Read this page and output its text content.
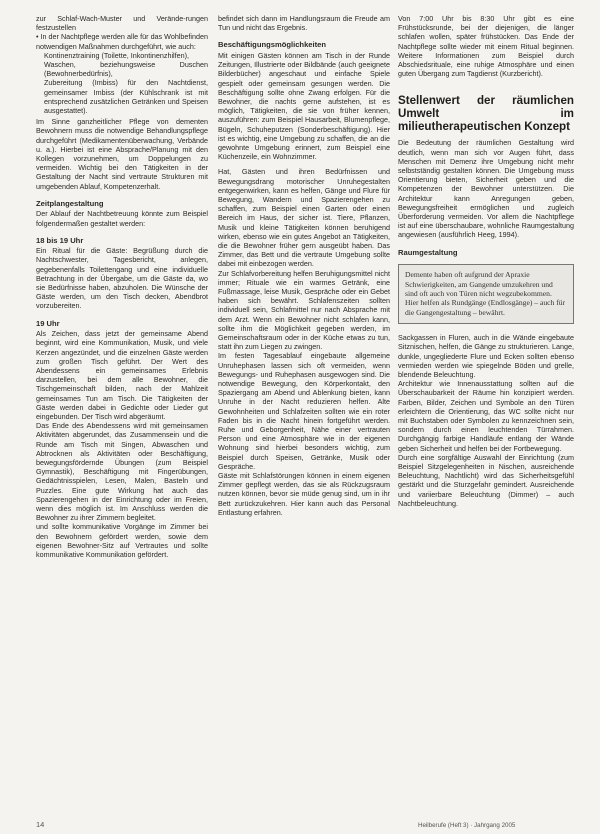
zur Schlaf-Wach-Muster und Verände-rungen festzustellen

• In der Nachtpflege werden alle für das Wohlbefinden notwendigen Maßnahmen durchgeführt, wie auch:

• Kontinenztraining (Toilette, Inkontinenzhilfen),
• Waschen, beziehungsweise Duschen (Bewohnerbedürfnis),
• Zubereitung (Imbiss) für den Nachtdienst, gemeinsamer Imbiss (der Kühlschrank ist mit entsprechend zusätzlichen Getränken und Speisen ausgestattet).

Im Sinne ganzheitlicher Pflege von dementen Bewohnern muss die notwendige Behandlungspflege durchgeführt (Medikamentenüberwachung, Verbände u. a.). Hierbei ist eine Absprache/Planung mit den Kollegen vorzunehmen, um Doppelungen zu vermeiden. Wichtig bei den Tätigkeiten in der Gestaltung der Nacht sind vertraute Strukturen mit umgebenden Ablauf, Kompetenzerhalt.

Zeitplangestaltung

Der Ablauf der Nachtbetreuung könnte zum Beispiel folgendermaßen gestaltet werden:

18 bis 19 Uhr

Ein Ritual für die Gäste: Begrüßung durch die Nachtschwester, Tagesbericht, anlegen, gegebenenfalls Toilettengang und eine individuelle Betrachtung in der Übergabe, um die Gäste da, wo sie Bedürfnisse haben, abzuholen. Die Wünsche der Gäste werden, um den Tisch decken, Abendbrot vorzubereiten.

19 Uhr

Als Zeichen, dass jetzt der gemeinsame Abend beginnt, wird eine Kommunikation, Musik, und viele Kerzen angezündet, und die einzelnen Gäste werden zum großen Tisch geführt. Der Wert des Abendessens ein gemeinsames Erlebnis darzustellen, bei dem alle Bewohner, die Tischgemeinschaft bilden, nach der Mahlzeit gemeinsames Tun am Tisch. Die Tätigkeiten der Gäste werden dabei in Gedichte oder Lieder gut eingebunden. Der Tisch wird abgeräumt.

Das Ende des Abendessens wird mit gemeinsamen Aktivitäten abgerundet, das Zusammensein und die Runde am Tisch mit Singen, Abwaschen und Abtrocknen als Aktivitäten oder Beschäftigung, bewegungsfördernde Übungen (zum Beispiel Gymnastik), Beschäftigung mit Fingerübungen, Gedächtnisspielen, Lesen, Malen, Basteln und Puzzles. Eine gute Wirkung hat auch das Spazierengehen in der Einrichtung oder im Freien, wenn dies möglich ist. Im Anschluss werden die Bewohner zu ihrer Zimmern begleitet.

und sollte kommunikative Vorgänge im Zimmer bei den Bewohnern gefördert werden, sowie dem eigenen Bewohner-Sitz auf Vertrautes und sollte kommunikative Kommunikation gefördert.

befindet sich dann im Handlungsraum die Freude am Tun und nicht das Ergebnis.

Beschäftigungsmöglichkeiten

Mit einigen Gästen können am Tisch in der Runde Zeitungen, Illustrierte oder Bildbände (auch geeignete Bilderbücher) angeschaut und einfache Spiele gespielt oder gemeinsam gesungen werden. Die Beschäftigung sollte ohne Zwang erfolgen. Für die Bewohner, die nachts gerne aufstehen, ist es möglich, Tätigkeiten, die sie von früher kennen, auszuführen: zum Beispiel Hausarbeit, Blumenpflege, Bügeln, Schuheputzen (Sonderbeschäftigung). Hier ist es wichtig, eine Umgebung zu schaffen, die an die gewohnte Umgebung erinnert, zum Beispiel eine Küchenzeile, ein Wohnzimmer.

Hat, Gästen und ihren Bedürfnissen und Bewegungsdrang motorischer Unruhegestalten entgegenwirken, kann es helfen, Gänge und Flure für Bewegung, Wandern und Spazierengehen zu schaffen, zum Beispiel einen Garten oder einen Bereich im Haus, der sicher ist. Tiere, Pflanzen, Musik und kleine Tätigkeiten können beruhigend wirken, ebenso wie ein gutes Angebot an Tätigkeiten, die die Bewohner früher gern ausgeübt haben. Das Zimmer, das Bett und die vertraute Umgebung sollte dabei mit einbezogen werden.

Zur Schlafvorbereitung helfen Beruhigungsmittel nicht immer; Rituale wie ein warmes Getränk, eine Fußmassage, leise Musik, Gespräche oder ein Gebet haben sich bewährt. Schlafenszeiten sollten individuell sein, Schlafmittel nur nach Absprache mit dem Arzt. Wenn ein Bewohner nicht schlafen kann, sollte ihm die Möglichkeit gegeben werden, im Gemeinschaftsraum oder in der Küche etwas zu tun, statt ihn zum Liegen zu zwingen.

Im festen Tagesablauf eingebaute allgemeine Unruhephasen lassen sich oft vermeiden, wenn Bewegungs- und Ruhephasen ausgewogen sind. Die notwendige Bewegung, den Körperkontakt, den Spaziergang am Abend und Ablenkung bieten, kann Unruhe in der Nacht reduzieren helfen. Alte Gewohnheiten und Schlafzeiten sollten wie ein roter Faden bis in die Nacht hinein fortgeführt werden. Ruhe und Geborgenheit, Nähe einer vertrauten Person und eine Atmosphäre wie in der eigenen Wohnung sind hierbei besonders wichtig, zum Beispiel durch Speisen, Getränke, Musik oder Gespräche.

Gäste mit Schlafstörungen können in einem eigenen Zimmer gepflegt werden, das sie als Rückzugsraum nutzen können, bevor sie müde genug sind, um in ihr Bett zurückzukehren. Hier kann auch das Personal Entlastung erfahren.

Von 7:00 Uhr bis 8:30 Uhr gibt es eine Frühstücksrunde, bei der diejenigen, die länger schlafen wollen, später frühstücken. Das Ende der Nachtpflege sollte wieder mit einem Ritual beginnen. Weitere Informationen zum Beispiel durch Abschiedsrituale, eine ruhige Atmosphäre und einen guten Übergang zum Tagdienst (Kurzbericht).

Stellenwert der räumlichen Umwelt im milieutherapeutischen Konzept

Die Bedeutung der räumlichen Gestaltung wird deutlich, wenn man sich vor Augen führt, dass Menschen mit Demenz ihre Umgebung nicht mehr selbstständig gestalten können. Die Umgebung muss Orientierung bieten, Sicherheit geben und die Kompetenzen der Bewohner unterstützen. Die Architektur kann Anregungen geben, Bewegungsfreiheit ermöglichen und zugleich Überforderung vermeiden. Vor allem die Nachtpflege ist auf eine überschaubare, wohnliche Raumgestaltung angewiesen (ausführlich Heeg, 1994).

Raumgestaltung
Demente haben oft aufgrund der Apraxie Schwierigkeiten, am Gangende umzukehren und sind oft auch von Türen nicht wegzubekommen. Hier helfen als Rundgänge (Endlosgänge) – auch für die Gangengestaltung – bewährt.

Sackgassen in Fluren, auch in die Wände eingebaute Sitznischen, helfen, die Gänge zu strukturieren. Lange, dunkle, ungegliederte Flure und Ecken sollten ebenso vermieden werden wie spiegelnde Böden und grelle, blendende Beleuchtung.

Architektur wie Innenausstattung sollten auf die Überschaubarkeit der Räume hin konzipiert werden. Farben, Bilder, Zeichen und Symbole an den Türen erleichtern die Orientierung, das WC sollte nicht nur mit Buchstaben oder Symbolen zu kennzeichnen sein, sondern durch einen leuchtenden Türrahmen. Durchgängig farbige Handläufe entlang der Wände geben Sicherheit und helfen bei der Fortbewegung.

Durch eine sorgfältige Auswahl der Einrichtung (zum Beispiel Sitzgelegenheiten in Nischen, ausreichende Beleuchtung, Nachtlicht) wird das Sicherheitsgefühl gestärkt und die Sturzgefahr gemindert. Ausreichende und variierbare Beleuchtung (Dimmer) – auch Nachtbeleuchtung.

14	Heilberufe (Heft 3) · Jahrgang 2005
